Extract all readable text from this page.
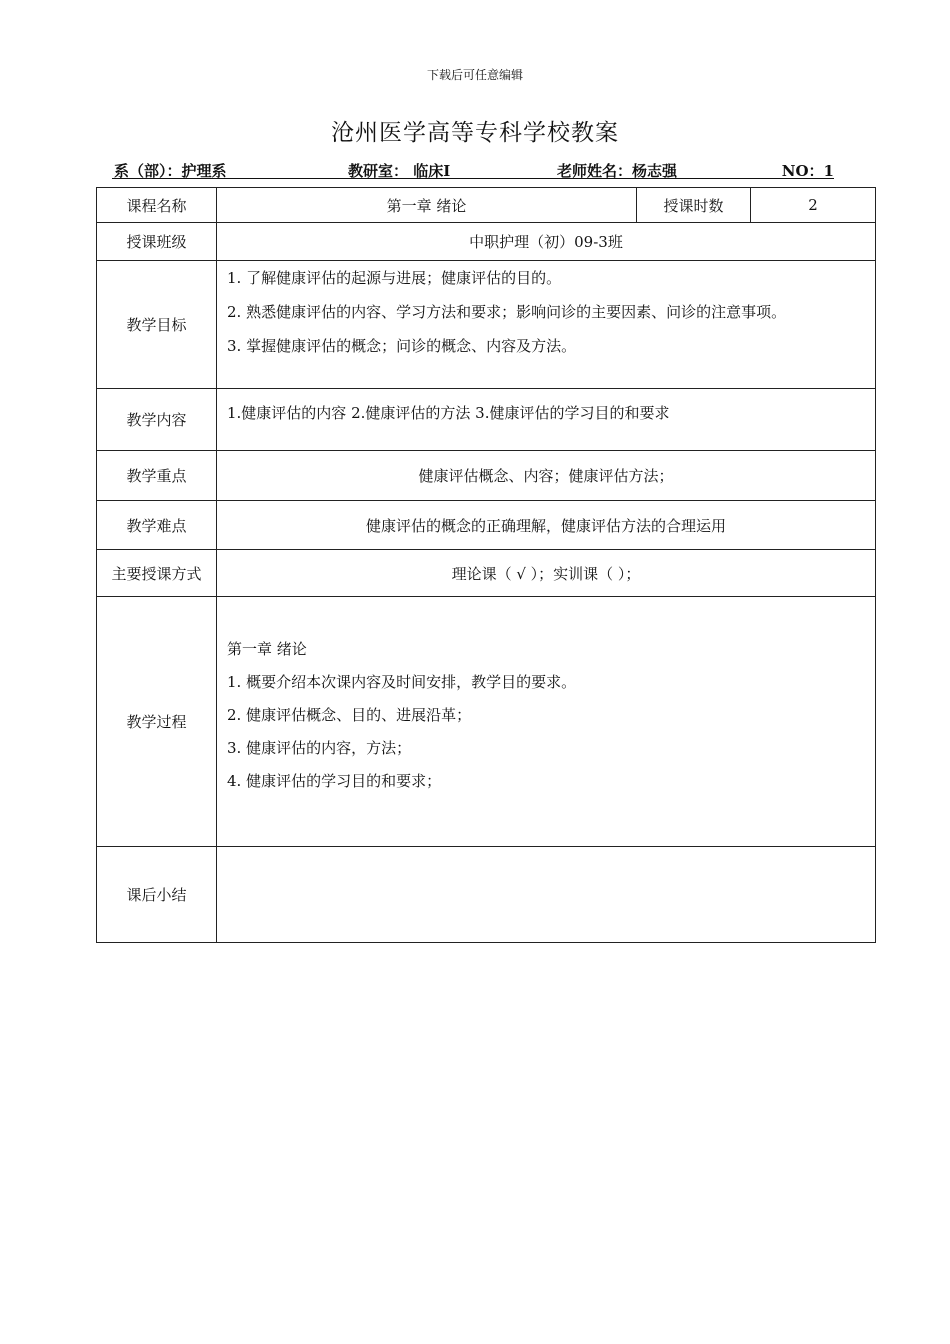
下载后可任意编辑
沧州医学高等专科学校教案
系（部）：护理系	教研室： 临床Ⅰ	老师姓名：杨志强	NO：1
课程名称	第一章 绪论	授课时数	2
授课班级	中职护理（初）09-3班		
教学目标	1. 了解健康评估的起源与进展；健康评估的目的。
2. 熟悉健康评估的内容、学习方法和要求；影响问诊的主要因素、问诊的注意事项。
3. 掌握健康评估的概念；问诊的概念、内容及方法。		

教学内容	1.健康评估的内容 2.健康评估的方法 3.健康评估的学习目的和要求		
教学重点	健康评估概念、内容；健康评估方法；		
教学难点	健康评估的概念的正确理解，健康评估方法的合理运用		
主要授课方式	理论课（ √ ）；实训课（ ）；		
教学过程	第一章 绪论
1. 概要介绍本次课内容及时间安排，教学目的要求。
2. 健康评估概念、目的、进展沿革；
3. 健康评估的内容，方法；
4. 健康评估的学习目的和要求；		

课后小结			
